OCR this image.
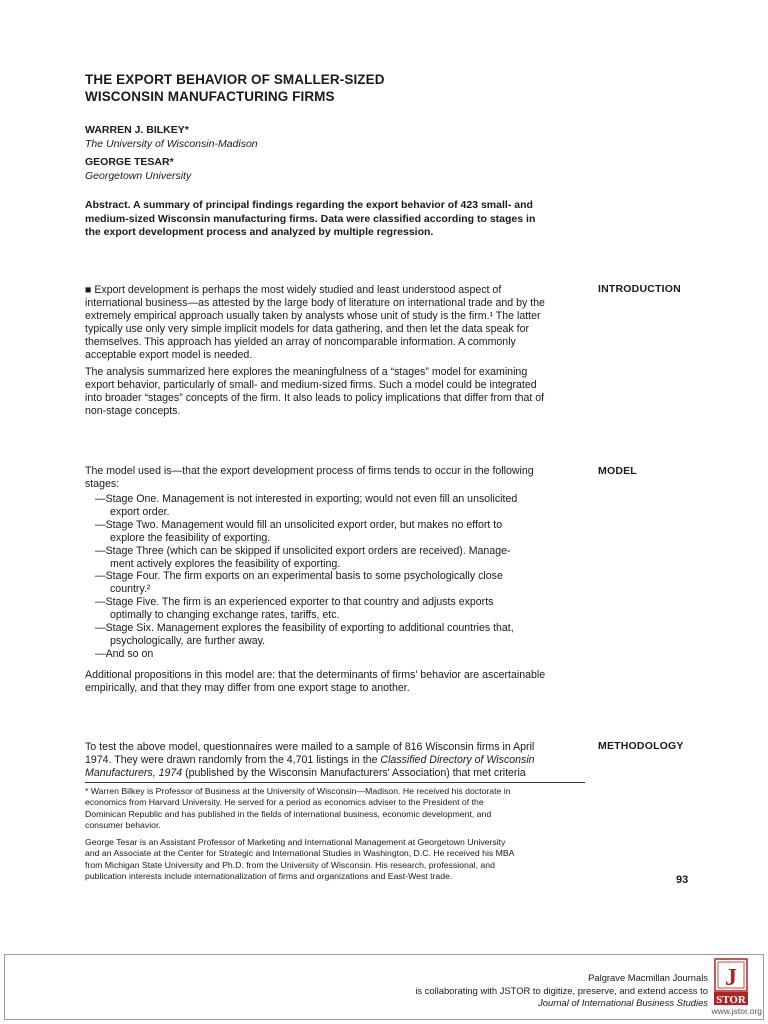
THE EXPORT BEHAVIOR OF SMALLER-SIZED
WISCONSIN MANUFACTURING FIRMS
WARREN J. BILKEY*
The University of Wisconsin-Madison
GEORGE TESAR*
Georgetown University
Abstract. A summary of principal findings regarding the export behavior of 423 small- and
medium-sized Wisconsin manufacturing firms. Data were classified according to stages in
the export development process and analyzed by multiple regression.
INTRODUCTION
■ Export development is perhaps the most widely studied and least understood aspect of
international business—as attested by the large body of literature on international trade and by the
extremely empirical approach usually taken by analysts whose unit of study is the firm.¹ The latter
typically use only very simple implicit models for data gathering, and then let the data speak for
themselves. This approach has yielded an array of noncomparable information. A commonly
acceptable export model is needed.
The analysis summarized here explores the meaningfulness of a “stages” model for examining
export behavior, particularly of small- and medium-sized firms. Such a model could be integrated
into broader “stages” concepts of the firm. It also leads to policy implications that differ from that of
non-stage concepts.
MODEL
The model used is—that the export development process of firms tends to occur in the following
stages:
—Stage One. Management is not interested in exporting; would not even fill an unsolicited
export order.
—Stage Two. Management would fill an unsolicited export order, but makes no effort to
explore the feasibility of exporting.
—Stage Three (which can be skipped if unsolicited export orders are received). Manage-
ment actively explores the feasibility of exporting.
—Stage Four. The firm exports on an experimental basis to some psychologically close
country.²
—Stage Five. The firm is an experienced exporter to that country and adjusts exports
optimally to changing exchange rates, tariffs, etc.
—Stage Six. Management explores the feasibility of exporting to additional countries that,
psychologically, are further away.
—And so on
Additional propositions in this model are: that the determinants of firms' behavior are ascertainable
empirically, and that they may differ from one export stage to another.
METHODOLOGY
To test the above model, questionnaires were mailed to a sample of 816 Wisconsin firms in April
1974. They were drawn randomly from the 4,701 listings in the Classified Directory of Wisconsin
Manufacturers, 1974 (published by the Wisconsin Manufacturers' Association) that met criteria
* Warren Bilkey is Professor of Business at the University of Wisconsin—Madison. He received his doctorate in
economics from Harvard University. He served for a period as economics adviser to the President of the
Dominican Republic and has published in the fields of international business, economic development, and
consumer behavior.
George Tesar is an Assistant Professor of Marketing and International Management at Georgetown University
and an Associate at the Center for Strategic and International Studies in Washington, D.C. He received his MBA
from Michigan State University and Ph.D. from the University of Wisconsin. His research, professional, and
publication interests include internationalization of firms and organizations and East-West trade.	93
Palgrave Macmillan Journals
is collaborating with JSTOR to digitize, preserve, and extend access to
Journal of International Business Studies
J
STOR
www.jstor.org
